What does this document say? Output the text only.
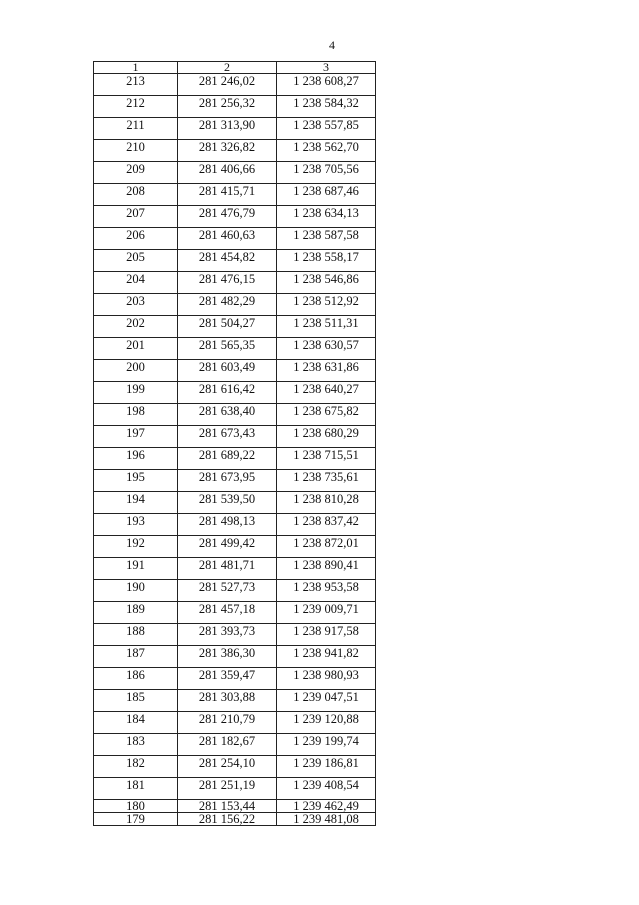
4
1	2	3
213	281 246,02	1 238 608,27
212	281 256,32	1 238 584,32
211	281 313,90	1 238 557,85
210	281 326,82	1 238 562,70
209	281 406,66	1 238 705,56
208	281 415,71	1 238 687,46
207	281 476,79	1 238 634,13
206	281 460,63	1 238 587,58
205	281 454,82	1 238 558,17
204	281 476,15	1 238 546,86
203	281 482,29	1 238 512,92
202	281 504,27	1 238 511,31
201	281 565,35	1 238 630,57
200	281 603,49	1 238 631,86
199	281 616,42	1 238 640,27
198	281 638,40	1 238 675,82
197	281 673,43	1 238 680,29
196	281 689,22	1 238 715,51
195	281 673,95	1 238 735,61
194	281 539,50	1 238 810,28
193	281 498,13	1 238 837,42
192	281 499,42	1 238 872,01
191	281 481,71	1 238 890,41
190	281 527,73	1 238 953,58
189	281 457,18	1 239 009,71
188	281 393,73	1 238 917,58
187	281 386,30	1 238 941,82
186	281 359,47	1 238 980,93
185	281 303,88	1 239 047,51
184	281 210,79	1 239 120,88
183	281 182,67	1 239 199,74
182	281 254,10	1 239 186,81
181	281 251,19	1 239 408,54
180	281 153,44	1 239 462,49
179	281 156,22	1 239 481,08
